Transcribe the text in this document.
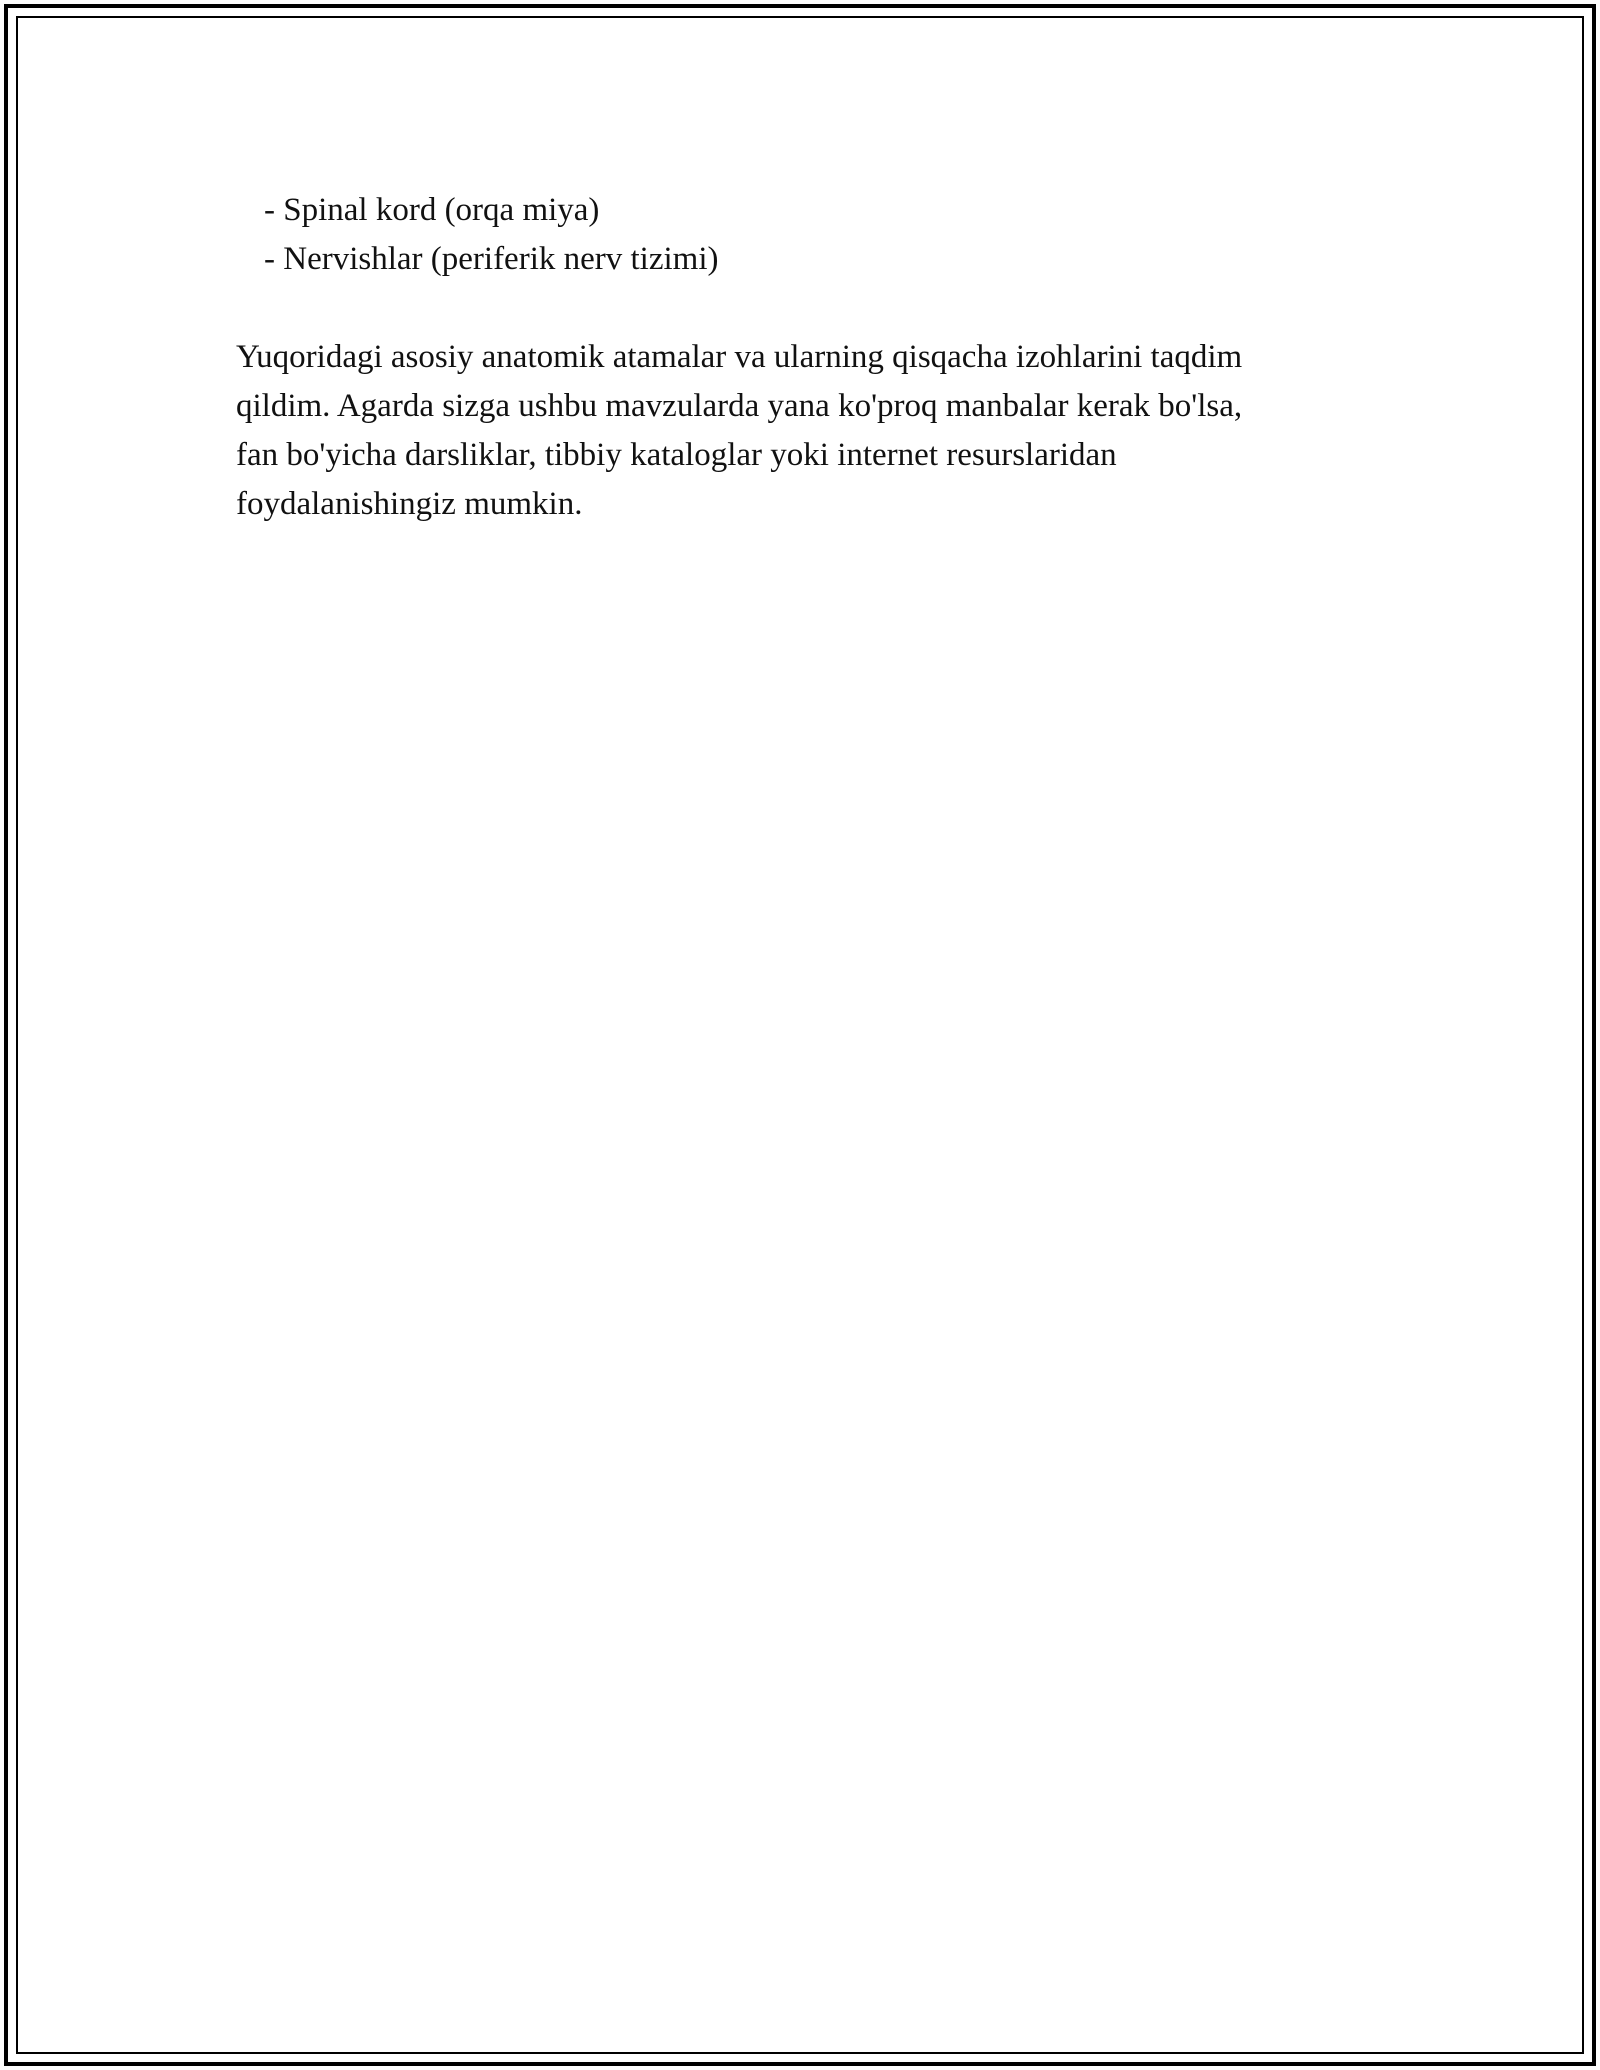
- Spinal kord (orqa miya)

- Nervishlar (periferik nerv tizimi)

Yuqoridagi asosiy anatomik atamalar va ularning qisqacha izohlarini taqdim
qildim. Agarda sizga ushbu mavzularda yana ko'proq manbalar kerak bo'lsa,
fan bo'yicha darsliklar, tibbiy kataloglar yoki internet resurslaridan
foydalanishingiz mumkin.
